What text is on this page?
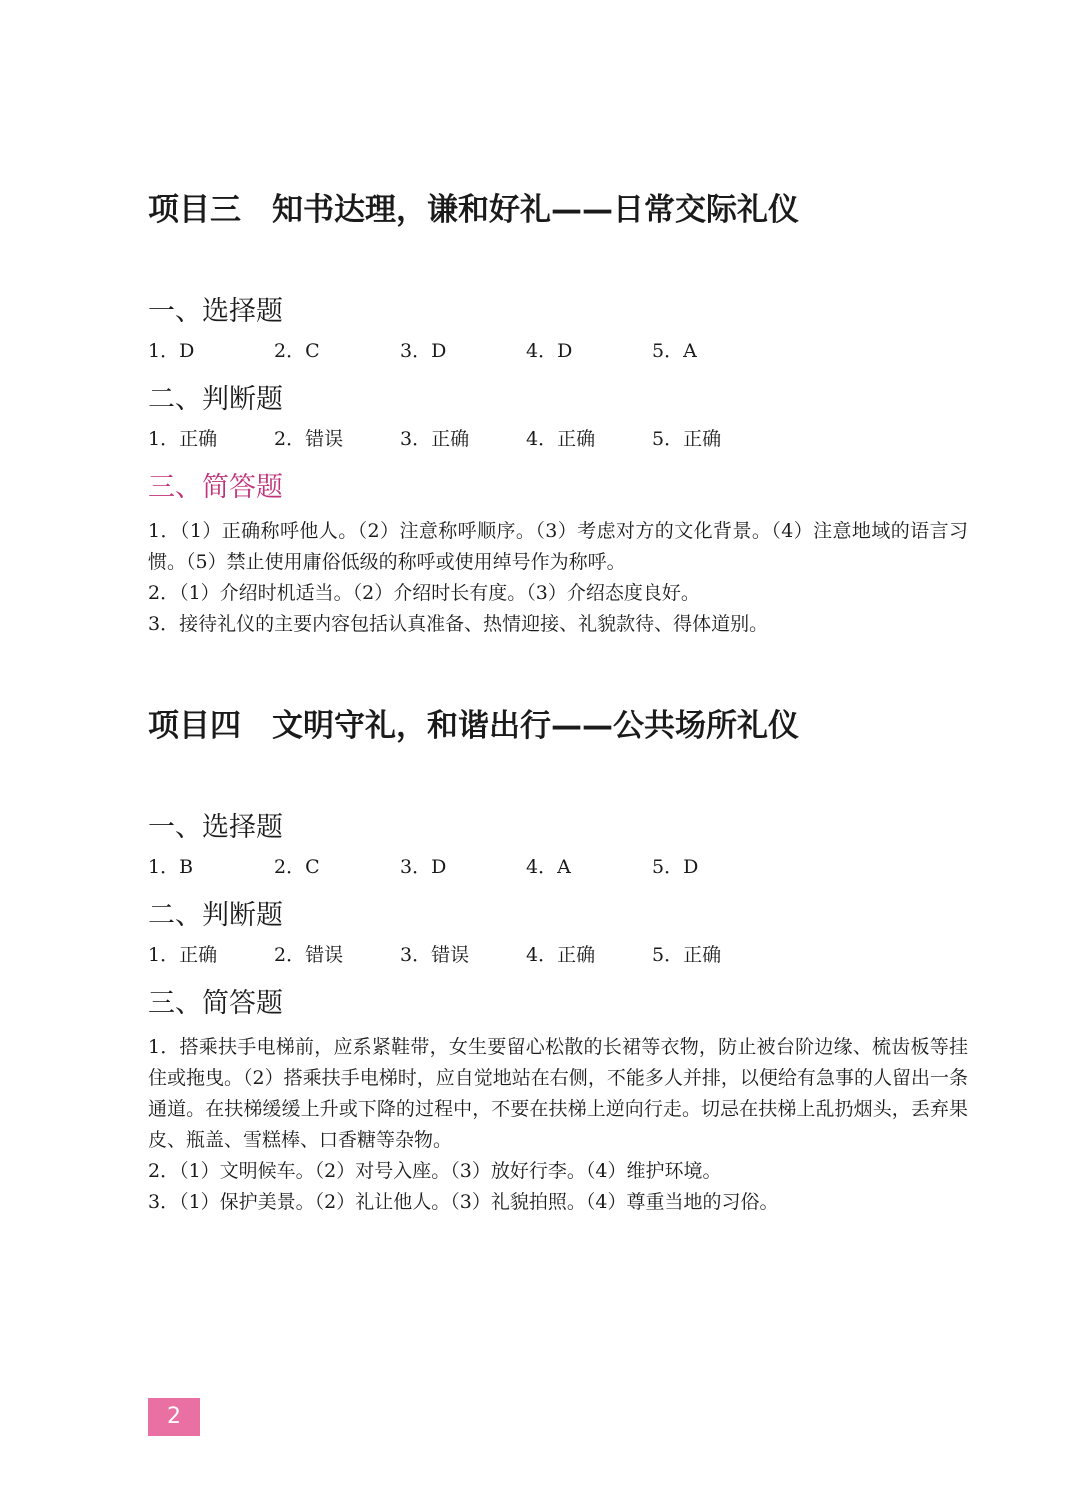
项目三　知书达理，谦和好礼——日常交际礼仪
一、选择题
1．D	2．C	3．D	4．D	5．A
二、判断题
1．正确	2．错误	3．正确	4．正确	5．正确
三、简答题

1．（1）正确称呼他人。（2）注意称呼顺序。（3）考虑对方的文化背景。（4）注意地域的语言习惯。（5）禁止使用庸俗低级的称呼或使用绰号作为称呼。

2．（1）介绍时机适当。（2）介绍时长有度。（3）介绍态度良好。

3．接待礼仪的主要内容包括认真准备、热情迎接、礼貌款待、得体道别。

项目四　文明守礼，和谐出行——公共场所礼仪
一、选择题
1．B	2．C	3．D	4．A	5．D
二、判断题
1．正确	2．错误	3．错误	4．正确	5．正确
三、简答题

1．搭乘扶手电梯前，应系紧鞋带，女生要留心松散的长裙等衣物，防止被台阶边缘、梳齿板等挂住或拖曳。（2）搭乘扶手电梯时，应自觉地站在右侧，不能多人并排，以便给有急事的人留出一条通道。在扶梯缓缓上升或下降的过程中，不要在扶梯上逆向行走。切忌在扶梯上乱扔烟头，丢弃果皮、瓶盖、雪糕棒、口香糖等杂物。

2．（1）文明候车。（2）对号入座。（3）放好行李。（4）维护环境。

3．（1）保护美景。（2）礼让他人。（3）礼貌拍照。（4）尊重当地的习俗。

2
